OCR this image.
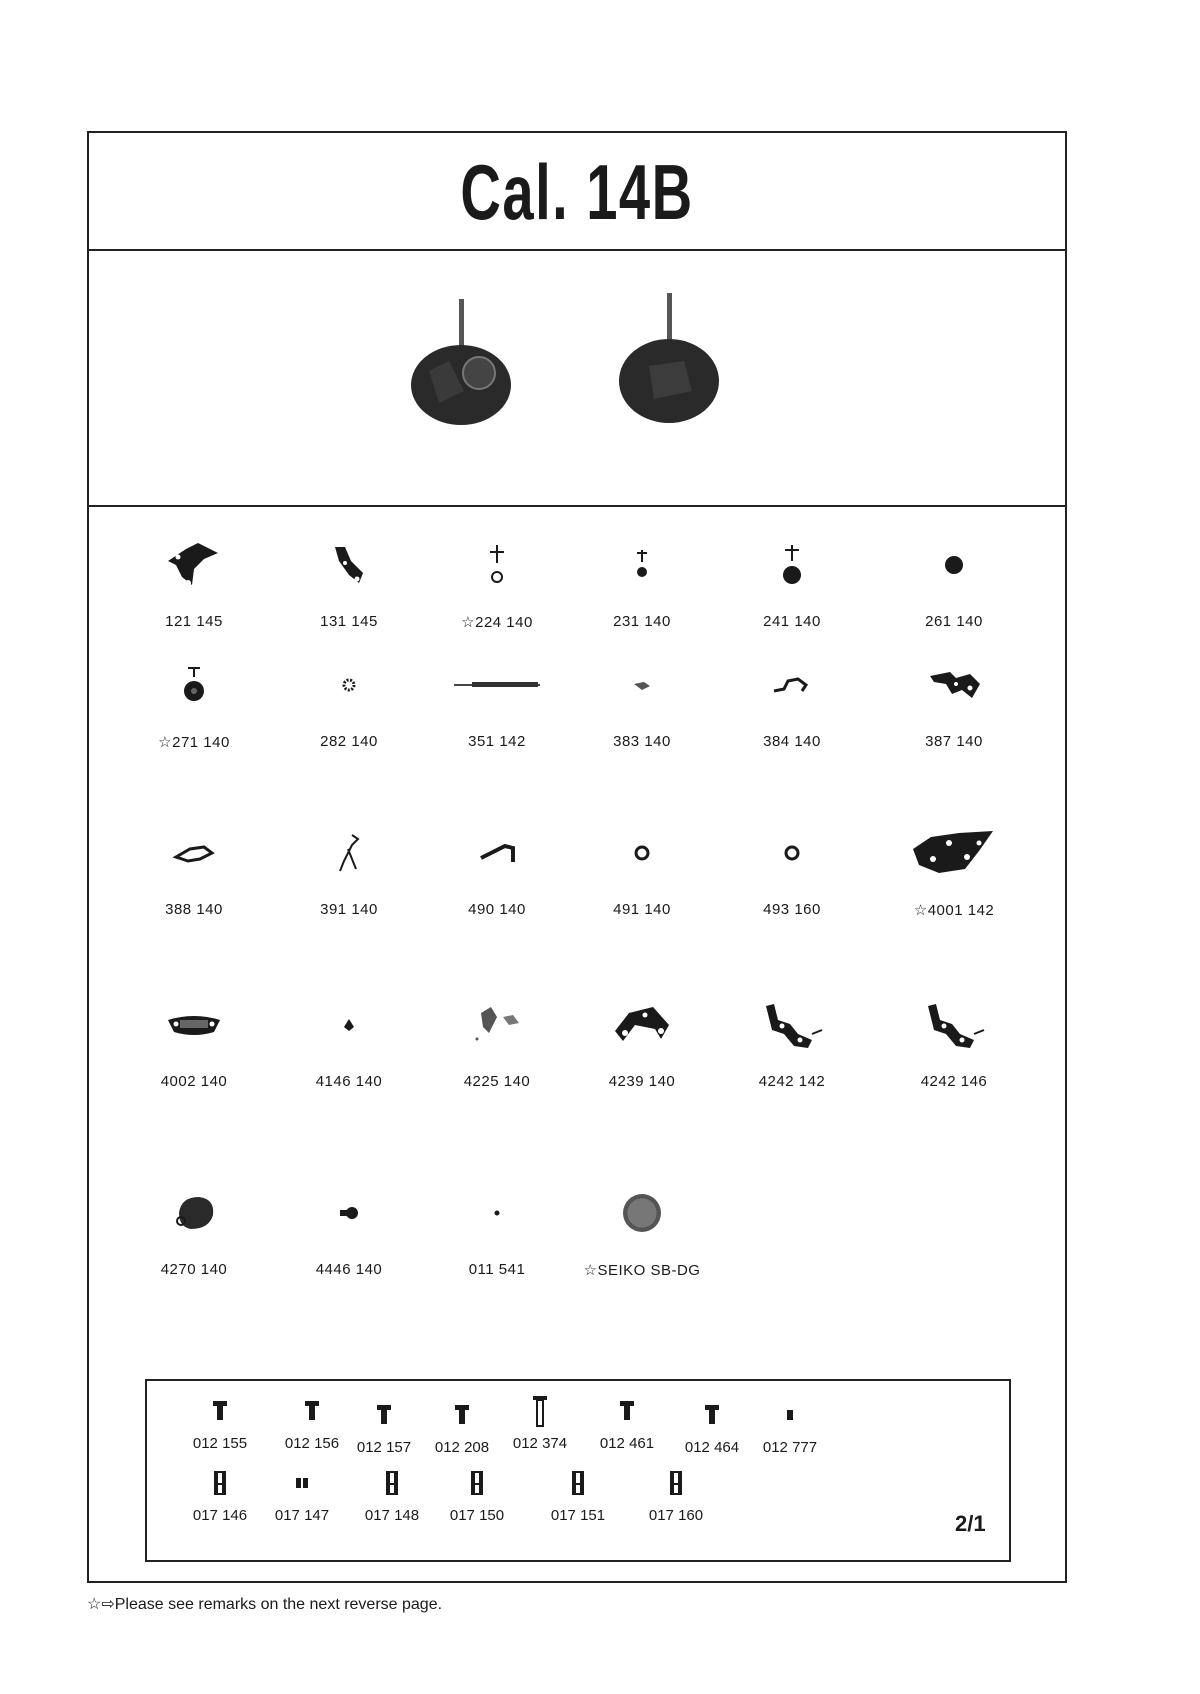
Cal. 14B
121 145	131 145	☆224 140	231 140	241 140	261 140
☆271 140	282 140	351 142	383 140	384 140	387 140
388 140	391 140	490 140	491 140	493 160	☆4001 142
4002 140	4146 140	4225 140	4239 140	4242 142	4242 146
4270 140	4446 140	011 541	☆SEIKO SB-DG
012 155	012 156	012 157	012 208	012 374	012 461	012 464	012 777
017 146	017 147	017 148	017 150	017 151	017 160	2/1
☆⇨Please see remarks on the next reverse page.
